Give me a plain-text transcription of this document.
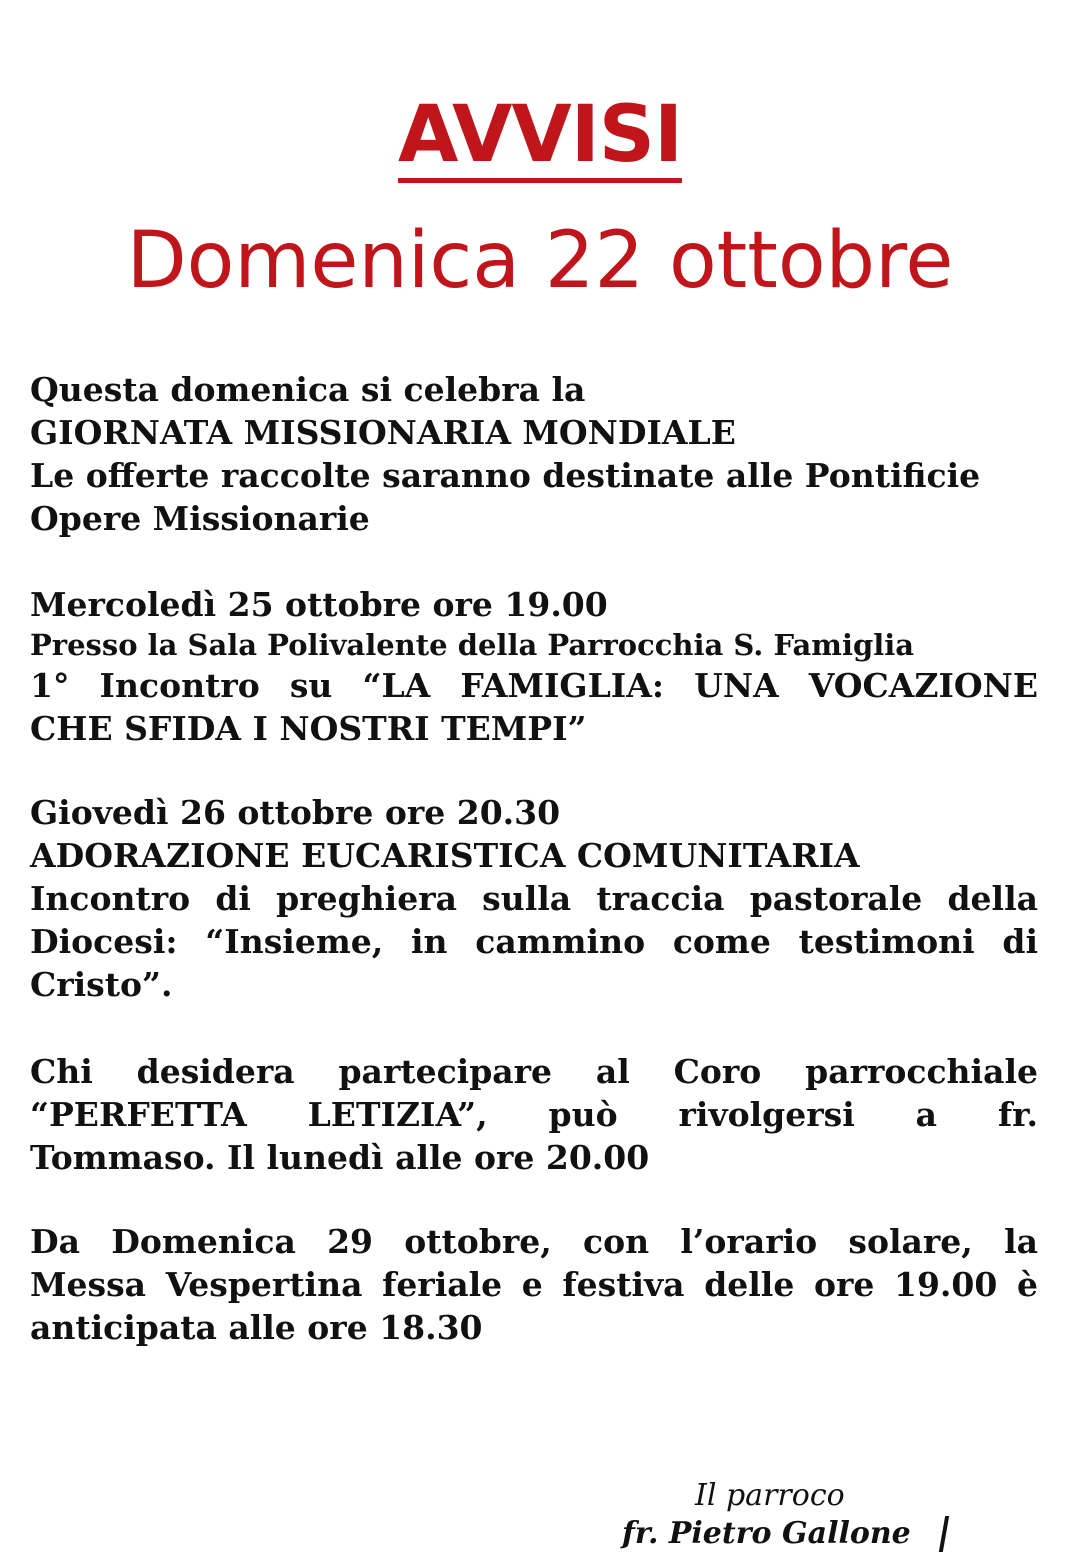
AVVISI
Domenica 22 ottobre
Questa domenica si celebra la
GIORNATA MISSIONARIA MONDIALE
Le offerte raccolte saranno destinate alle Pontificie
Opere Missionarie
Mercoledì 25 ottobre ore 19.00
Presso la Sala Polivalente della Parrocchia S. Famiglia
1° Incontro su “LA FAMIGLIA: UNA VOCAZIONE
CHE SFIDA I NOSTRI TEMPI”
Giovedì 26 ottobre ore 20.30
ADORAZIONE EUCARISTICA COMUNITARIA
Incontro di preghiera sulla traccia pastorale della
Diocesi: “Insieme, in cammino come testimoni di
Cristo”.
Chi desidera partecipare al Coro parrocchiale
“PERFETTA LETIZIA”, può rivolgersi a fr.
Tommaso. Il lunedì alle ore 20.00
Da Domenica 29 ottobre, con l’orario solare, la
Messa Vespertina feriale e festiva delle ore 19.00 è
anticipata alle ore 18.30
Il parroco
fr. Pietro Gallone
